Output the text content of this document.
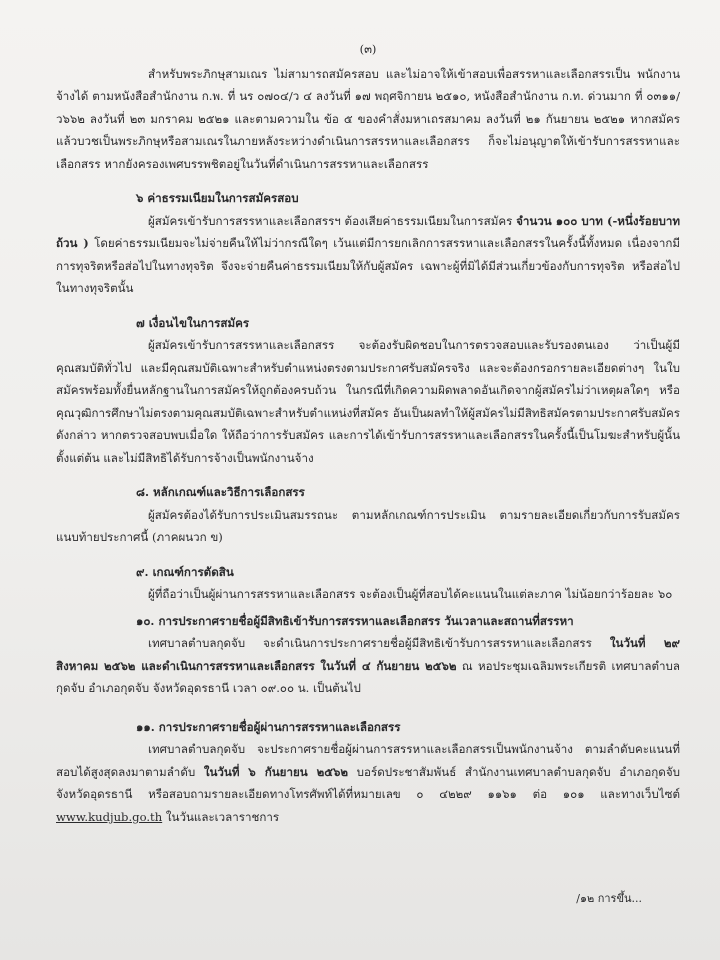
(๓)

สำหรับพระภิกษุสามเณร ไม่สามารถสมัครสอบ และไม่อาจให้เข้าสอบเพื่อสรรหาและเลือกสรรเป็น พนักงานจ้างได้ ตามหนังสือสำนักงาน ก.พ. ที่ นร ๐๗๐๔/ว ๔ ลงวันที่ ๑๗ พฤศจิกายน ๒๕๑๐, หนังสือสำนักงาน ก.ท. ด่วนมาก ที่ ๐๓๑๑/ว๖๖๒ ลงวันที่ ๒๓ มกราคม ๒๕๒๑ และตามความใน ข้อ ๕ ของคำสั่งมหาเถรสมาคม ลงวันที่ ๒๑ กันยายน ๒๕๒๑ หากสมัครแล้วบวชเป็นพระภิกษุหรือสามเณรในภายหลังระหว่างดำเนินการสรรหาและเลือกสรร ก็จะไม่อนุญาตให้เข้ารับการสรรหาและเลือกสรร หากยังครองเพศบรรพชิตอยู่ในวันที่ดำเนินการสรรหาและเลือกสรร

๖ ค่าธรรมเนียมในการสมัครสอบ

ผู้สมัครเข้ารับการสรรหาและเลือกสรรฯ ต้องเสียค่าธรรมเนียมในการสมัคร จำนวน ๑๐๐ บาท (-หนึ่งร้อยบาทถ้วน ) โดยค่าธรรมเนียมจะไม่จ่ายคืนให้ไม่ว่ากรณีใดๆ เว้นแต่มีการยกเลิกการสรรหาและเลือกสรรในครั้งนี้ทั้งหมด เนื่องจากมีการทุจริตหรือส่อไปในทางทุจริต จึงจะจ่ายคืนค่าธรรมเนียมให้กับผู้สมัคร เฉพาะผู้ที่มิได้มีส่วนเกี่ยวข้องกับการทุจริต หรือส่อไปในทางทุจริตนั้น

๗ เงื่อนไขในการสมัคร

ผู้สมัครเข้ารับการสรรหาและเลือกสรร จะต้องรับผิดชอบในการตรวจสอบและรับรองตนเอง ว่าเป็นผู้มีคุณสมบัติทั่วไป และมีคุณสมบัติเฉพาะสำหรับตำแหน่งตรงตามประกาศรับสมัครจริง และจะต้องกรอกรายละเอียดต่างๆ ในใบสมัครพร้อมทั้งยื่นหลักฐานในการสมัครให้ถูกต้องครบถ้วน ในกรณีที่เกิดความผิดพลาดอันเกิดจากผู้สมัครไม่ว่าเหตุผลใดๆ หรือคุณวุฒิการศึกษาไม่ตรงตามคุณสมบัติเฉพาะสำหรับตำแหน่งที่สมัคร อันเป็นผลทำให้ผู้สมัครไม่มีสิทธิสมัครตามประกาศรับสมัครดังกล่าว หากตรวจสอบพบเมื่อใด ให้ถือว่าการรับสมัคร และการได้เข้ารับการสรรหาและเลือกสรรในครั้งนี้เป็นโมฆะสำหรับผู้นั้นตั้งแต่ต้น และไม่มีสิทธิได้รับการจ้างเป็นพนักงานจ้าง

๘. หลักเกณฑ์และวิธีการเลือกสรร

ผู้สมัครต้องได้รับการประเมินสมรรถนะ ตามหลักเกณฑ์การประเมิน ตามรายละเอียดเกี่ยวกับการรับสมัครแนบท้ายประกาศนี้ (ภาคผนวก ข)

๙. เกณฑ์การตัดสิน

ผู้ที่ถือว่าเป็นผู้ผ่านการสรรหาและเลือกสรร จะต้องเป็นผู้ที่สอบได้คะแนนในแต่ละภาค ไม่น้อยกว่าร้อยละ ๖๐

๑๐. การประกาศรายชื่อผู้มีสิทธิเข้ารับการสรรหาและเลือกสรร วันเวลาและสถานที่สรรหา

เทศบาลตำบลกุดจับ จะดำเนินการประกาศรายชื่อผู้มีสิทธิเข้ารับการสรรหาและเลือกสรร ในวันที่ ๒๙ สิงหาคม ๒๕๖๒ และดำเนินการสรรหาและเลือกสรร ในวันที่ ๔ กันยายน ๒๕๖๒ ณ หอประชุมเฉลิมพระเกียรติ เทศบาลตำบลกุดจับ อำเภอกุดจับ จังหวัดอุดรธานี เวลา ๐๙.๐๐ น. เป็นต้นไป

๑๑. การประกาศรายชื่อผู้ผ่านการสรรหาและเลือกสรร

เทศบาลตำบลกุดจับ จะประกาศรายชื่อผู้ผ่านการสรรหาและเลือกสรรเป็นพนักงานจ้าง ตามลำดับคะแนนที่สอบได้สูงสุดลงมาตามลำดับ ในวันที่ ๖ กันยายน ๒๕๖๒ บอร์ดประชาสัมพันธ์ สำนักงานเทศบาลตำบลกุดจับ อำเภอกุดจับ จังหวัดอุดรธานี หรือสอบถามรายละเอียดทางโทรศัพท์ได้ที่หมายเลข ๐ ๔๒๒๙ ๑๑๖๑ ต่อ ๑๐๑ และทางเว็บไซต์ www.kudjub.go.th ในวันและเวลาราชการ

/๑๒ การขึ้น...
